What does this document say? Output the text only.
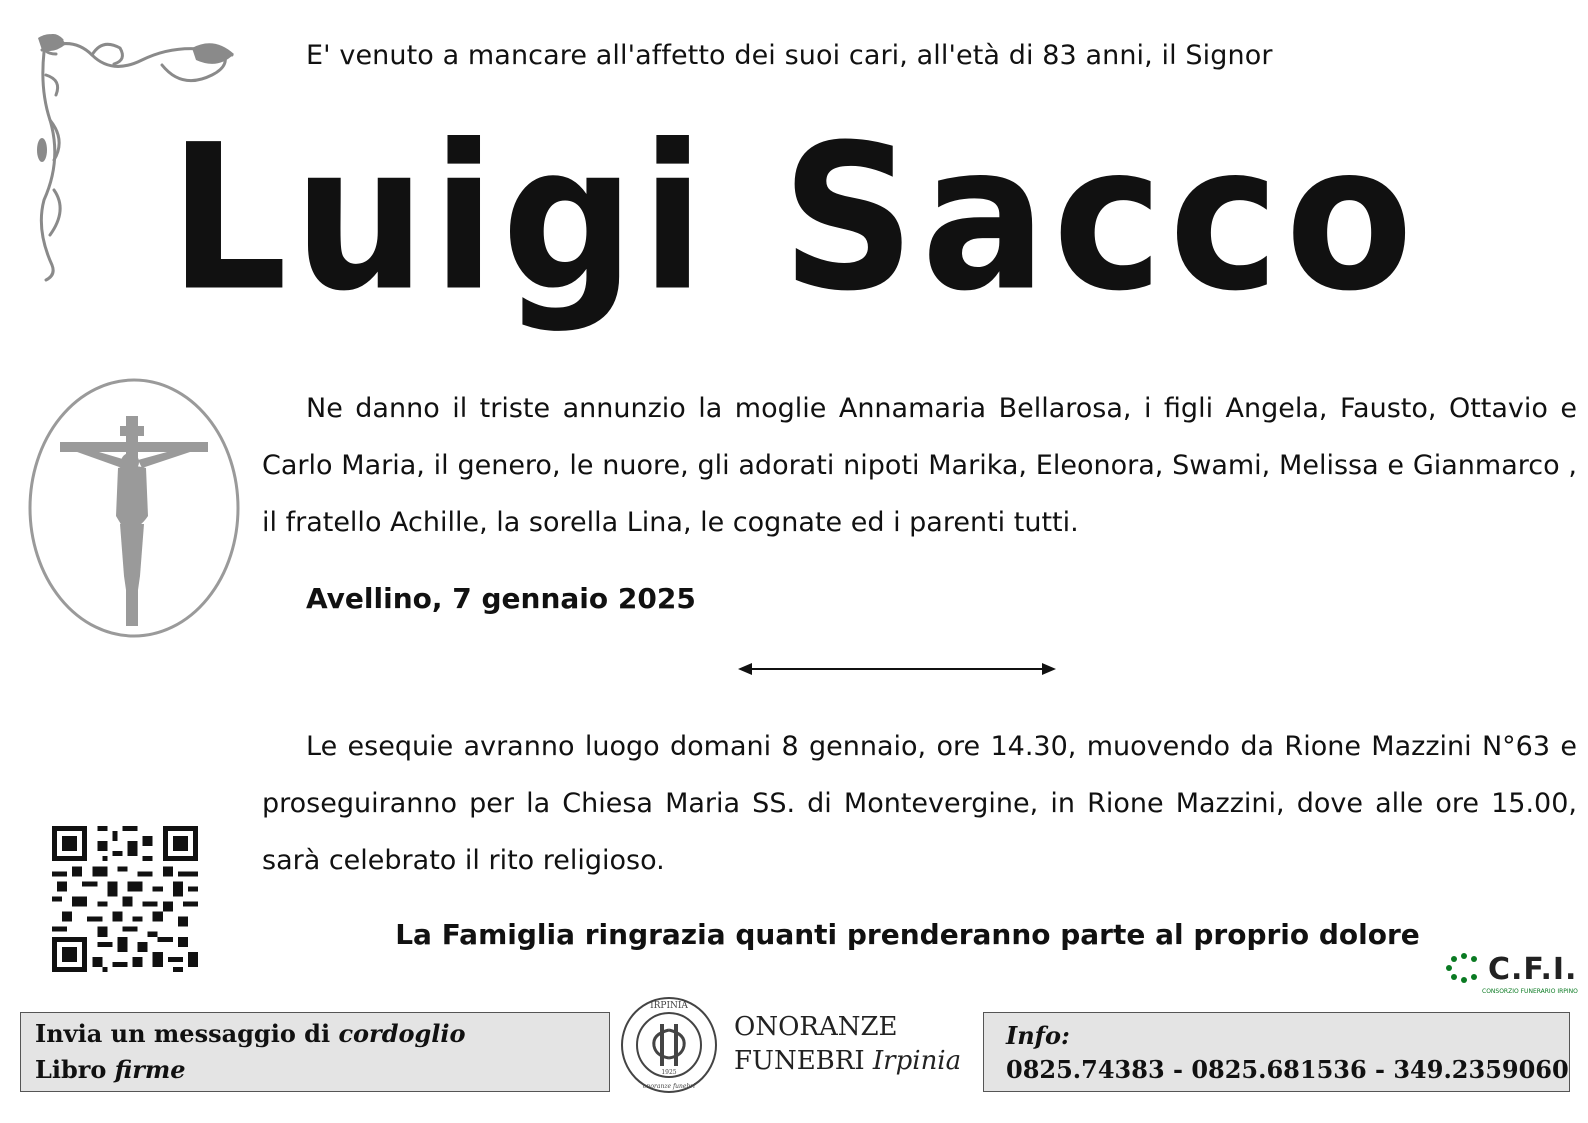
E' venuto a mancare all'affetto dei suoi cari, all'età di 83 anni, il Signor
Luigi Sacco
Ne danno il triste annunzio la moglie Annamaria Bellarosa, i figli Angela, Fausto, Ottavio e Carlo Maria, il genero, le nuore, gli adorati nipoti Marika, Eleonora, Swami, Melissa e Gianmarco , il fratello Achille, la sorella Lina, le cognate ed i parenti tutti.
Avellino, 7 gennaio 2025
Le esequie avranno luogo domani 8 gennaio, ore 14.30, muovendo da Rione Mazzini N°63 e proseguiranno per la Chiesa Maria SS. di Montevergine, in Rione Mazzini, dove alle ore 15.00, sarà celebrato il rito religioso.
La Famiglia ringrazia quanti prenderanno parte al proprio dolore
C.F.I.
CONSORZIO FUNERARIO IRPINO
Invia un messaggio di cordoglio
Libro firme
IRPINIA
1925
onoranze funebri
ONORANZE
FUNEBRI Irpinia
Info:
0825.74383 - 0825.681536 - 349.2359060
